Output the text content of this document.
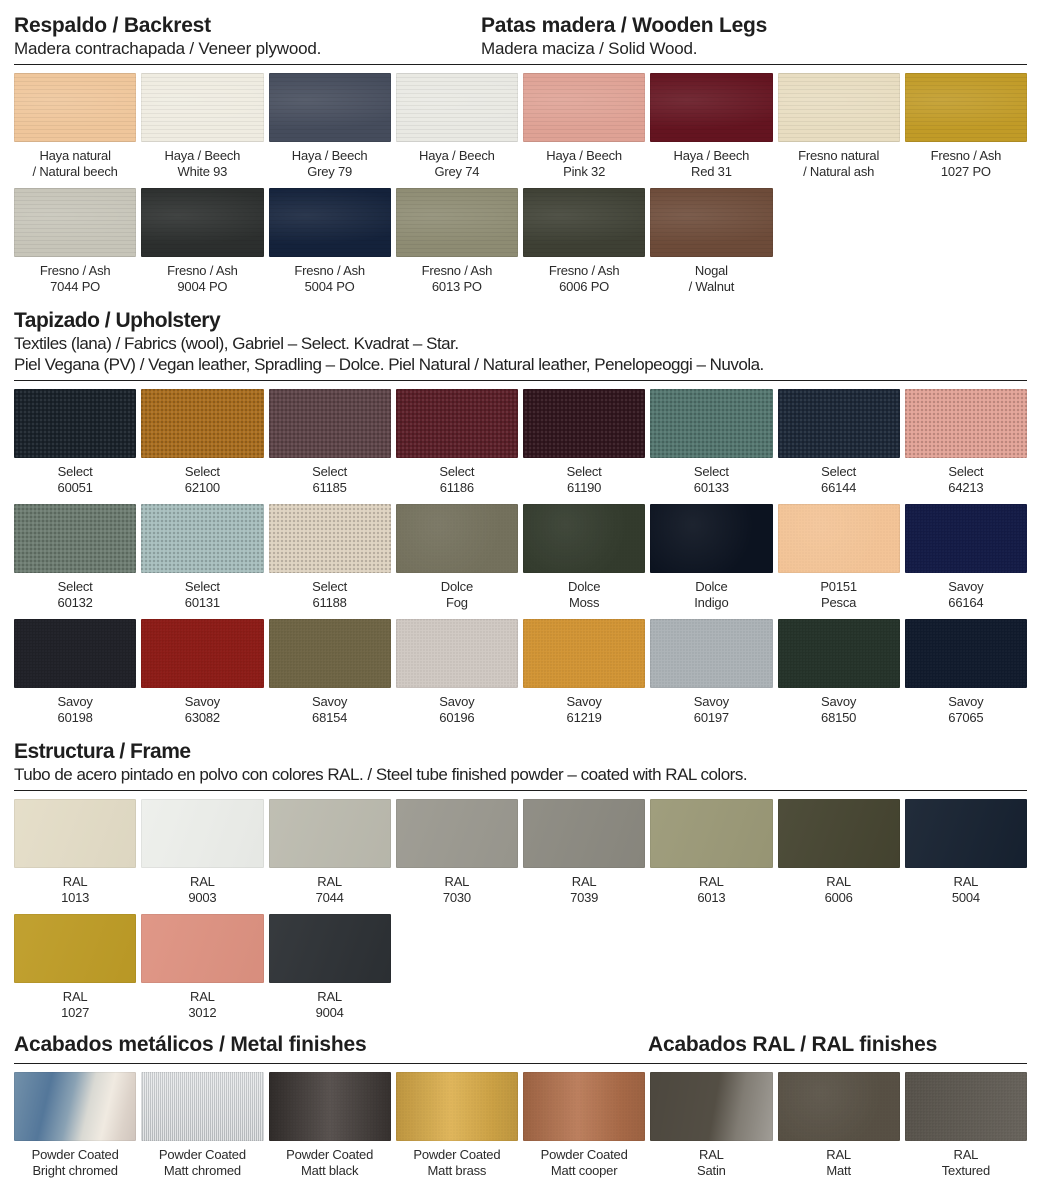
Respaldo / Backrest
Madera contrachapada / Veneer plywood.
Patas madera / Wooden Legs
Madera maciza / Solid Wood.
Haya natural
/ Natural beech
Haya / Beech
White 93
Haya / Beech
Grey 79
Haya / Beech
Grey 74
Haya / Beech
Pink 32
Haya / Beech
Red 31
Fresno natural
/ Natural ash
Fresno / Ash
1027 PO
Fresno / Ash
7044 PO
Fresno / Ash
9004 PO
Fresno / Ash
5004 PO
Fresno / Ash
6013 PO
Fresno / Ash
6006 PO
Nogal
/ Walnut
Tapizado / Upholstery
Textiles (lana) / Fabrics (wool), Gabriel – Select. Kvadrat – Star.
Piel Vegana (PV) / Vegan leather, Spradling – Dolce. Piel Natural / Natural leather, Penelopeoggi – Nuvola.
Select
60051
Select
62100
Select
61185
Select
61186
Select
61190
Select
60133
Select
66144
Select
64213
Select
60132
Select
60131
Select
61188
Dolce
Fog
Dolce
Moss
Dolce
Indigo
P0151
Pesca
Savoy
66164
Savoy
60198
Savoy
63082
Savoy
68154
Savoy
60196
Savoy
61219
Savoy
60197
Savoy
68150
Savoy
67065
Estructura / Frame
Tubo de acero pintado en polvo con colores RAL. / Steel tube finished powder – coated with RAL colors.
RAL
1013
RAL
9003
RAL
7044
RAL
7030
RAL
7039
RAL
6013
RAL
6006
RAL
5004
RAL
1027
RAL
3012
RAL
9004
Acabados metálicos / Metal finishes	Acabados RAL / RAL finishes
Powder Coated
Bright chromed
Powder Coated
Matt chromed
Powder Coated
Matt black
Powder Coated
Matt brass
Powder Coated
Matt cooper
RAL
Satin
RAL
Matt
RAL
Textured
